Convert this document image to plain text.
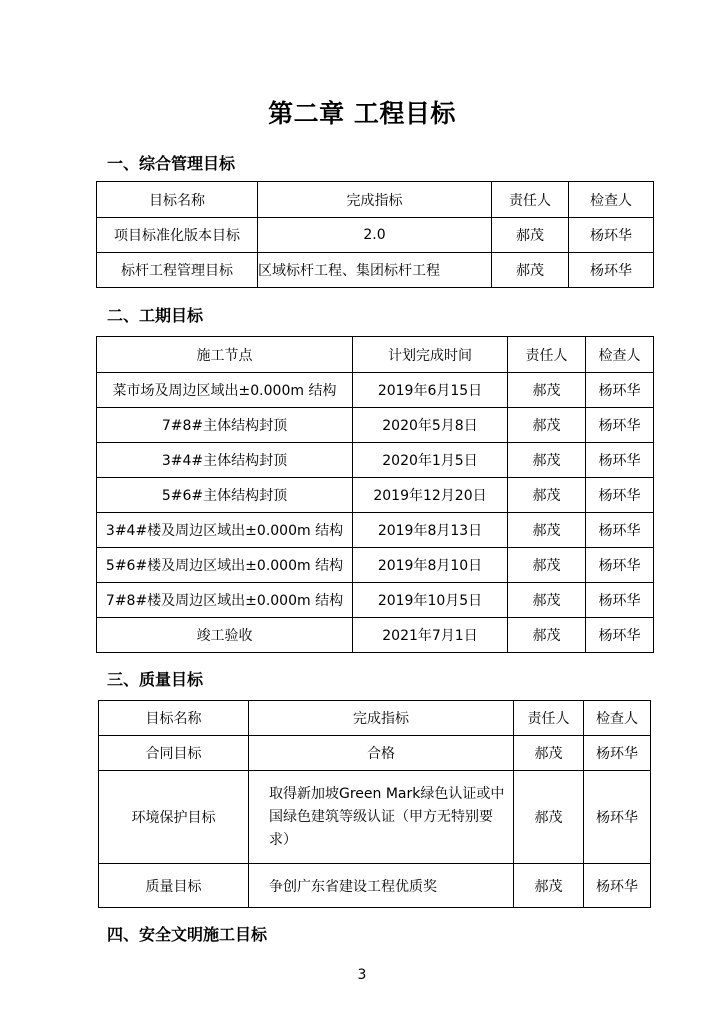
第二章 工程目标
一、综合管理目标
目标名称	完成指标	责任人	检查人
项目标准化版本目标	2.0	郝茂	杨环华
标杆工程管理目标	区域标杆工程、集团标杆工程	郝茂	杨环华
二、工期目标
施工节点	计划完成时间	责任人	检查人
菜市场及周边区域出±0.000m 结构	2019年6月15日	郝茂	杨环华
7#8#主体结构封顶	2020年5月8日	郝茂	杨环华
3#4#主体结构封顶	2020年1月5日	郝茂	杨环华
5#6#主体结构封顶	2019年12月20日	郝茂	杨环华
3#4#楼及周边区域出±0.000m 结构	2019年8月13日	郝茂	杨环华
5#6#楼及周边区域出±0.000m 结构	2019年8月10日	郝茂	杨环华
7#8#楼及周边区域出±0.000m 结构	2019年10月5日	郝茂	杨环华
竣工验收	2021年7月1日	郝茂	杨环华
三、质量目标
目标名称	完成指标	责任人	检查人
合同目标	合格	郝茂	杨环华
环境保护目标	取得新加坡Green Mark绿色认证或中国绿色建筑等级认证（甲方无特别要求）	郝茂	杨环华
质量目标	争创广东省建设工程优质奖	郝茂	杨环华
四、安全文明施工目标
3
